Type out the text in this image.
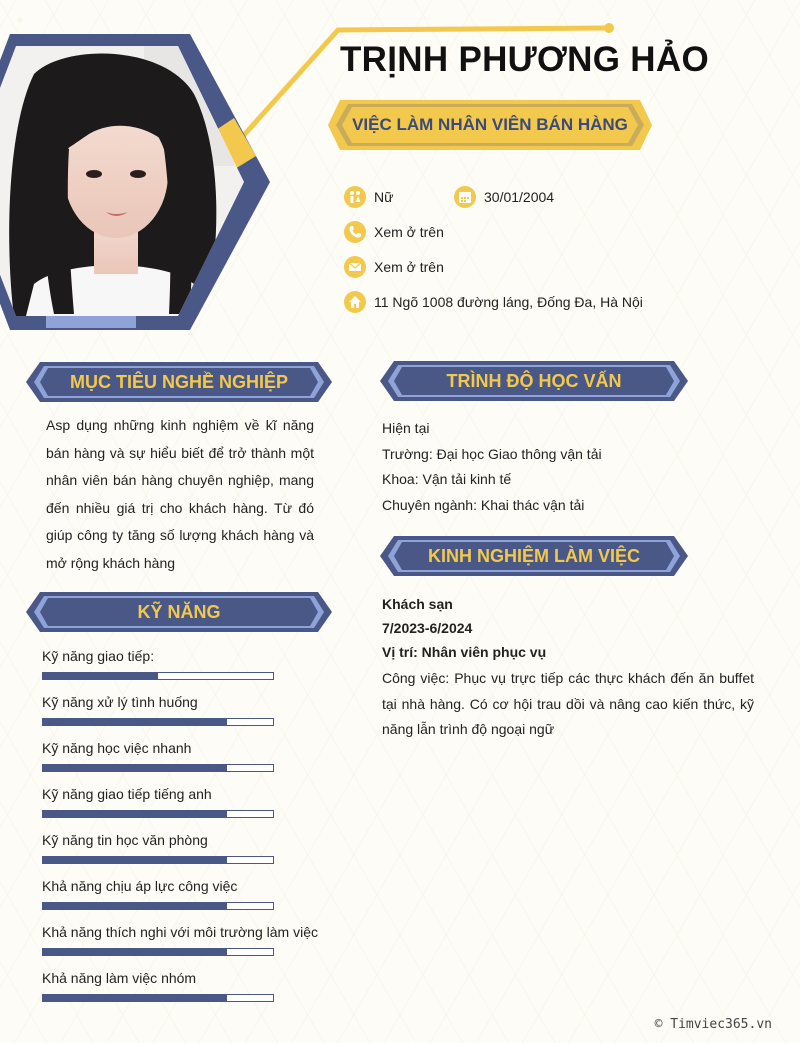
TRỊNH PHƯƠNG HẢO
VIỆC LÀM NHÂN VIÊN BÁN HÀNG
Nữ	30/01/2004
Xem ở trên
Xem ở trên
11 Ngõ 1008 đường láng, Đống Đa, Hà Nội
MỤC TIÊU NGHỀ NGHIỆP
Asp dụng những kinh nghiệm về kĩ năng bán hàng và sự hiểu biết để trở thành một nhân viên bán hàng chuyên nghiệp, mang đến nhiều giá trị cho khách hàng. Từ đó giúp công ty tăng số lượng khách hàng và mở rộng khách hàng
KỸ NĂNG
Kỹ năng giao tiếp:
Kỹ năng xử lý tình huống
Kỹ năng học việc nhanh
Kỹ năng giao tiếp tiếng anh
Kỹ năng tin học văn phòng
Khả năng chịu áp lực công việc
Khả năng thích nghi với môi trường làm việc
Khả năng làm việc nhóm
TRÌNH ĐỘ HỌC VẤN
Hiện tại
Trường: Đại học Giao thông vận tải
Khoa: Vận tải kinh tế
Chuyên ngành: Khai thác vận tải
KINH NGHIỆM LÀM VIỆC
Khách sạn
7/2023-6/2024
Vị trí: Nhân viên phục vụ
Công việc: Phục vụ trực tiếp các thực khách đến ăn buffet tại nhà hàng. Có cơ hội trau dồi và nâng cao kiến thức, kỹ năng lẫn trình độ ngoại ngữ
© Timviec365.vn
